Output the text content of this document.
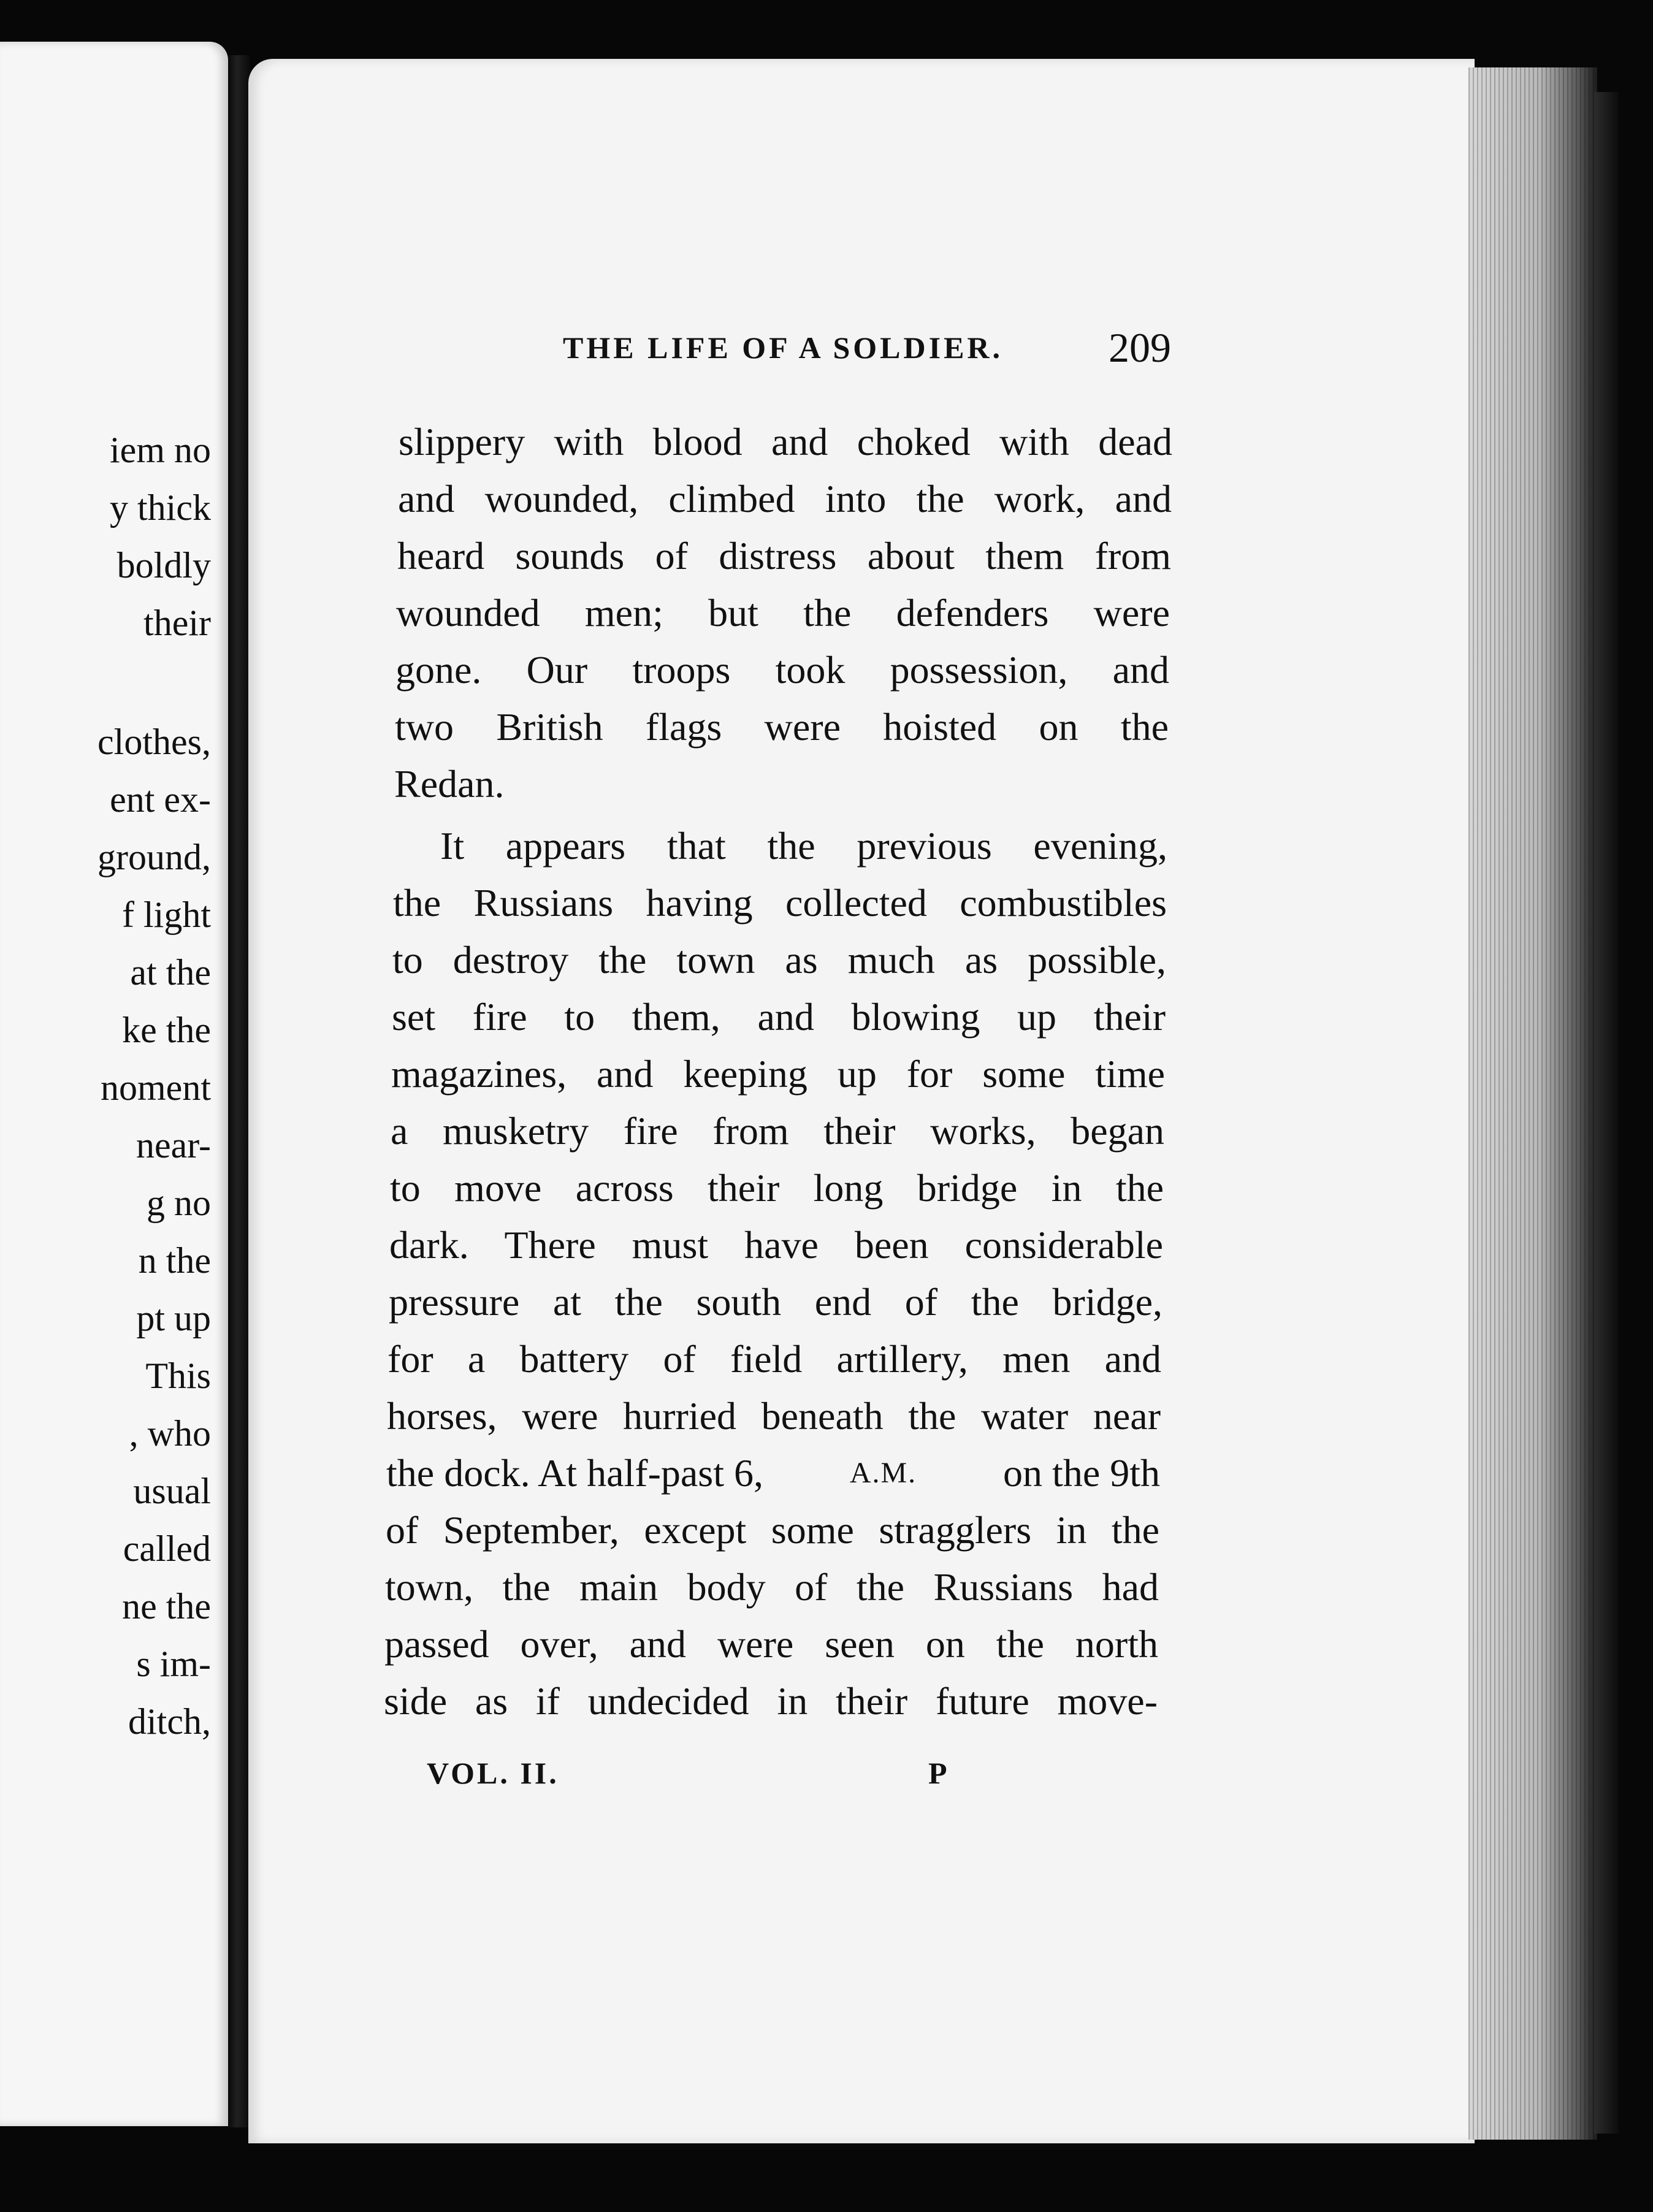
iem no
y thick
boldly
their
clothes,
ent ex-
ground,
f light
at the
ke the
noment
near-
g no
n the
pt up
This
, who
usual
called
ne the
s im-
ditch,
THE LIFE OF A SOLDIER.	209
slippery with blood and choked with dead
and wounded, climbed into the work, and
heard sounds of distress about them from
wounded men; but the defenders were
gone. Our troops took possession, and
two British flags were hoisted on the
Redan.
It appears that the previous evening,
the Russians having collected combustibles
to destroy the town as much as possible,
set fire to them, and blowing up their
magazines, and keeping up for some time
a musketry fire from their works, began
to move across their long bridge in the
dark. There must have been considerable
pressure at the south end of the bridge,
for a battery of field artillery, men and
horses, were hurried beneath the water near
the dock. At half-past 6,	A.M. on the 9th
of September, except some stragglers in the
town, the main body of the Russians had
passed over, and were seen on the north
side as if undecided in their future move-
VOL. II.	P
